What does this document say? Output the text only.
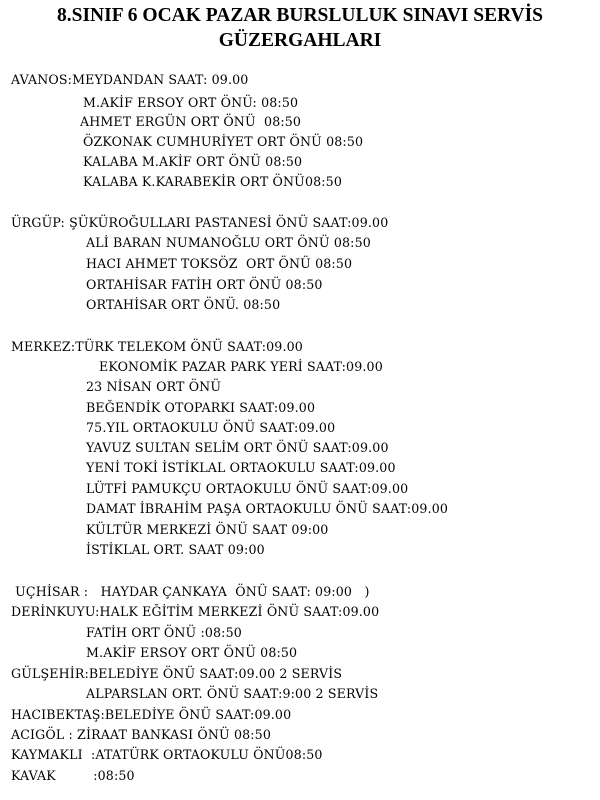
8.SINIF 6 OCAK PAZAR BURSLULUK SINAVI SERVİS
GÜZERGAHLARI
AVANOS:MEYDANDAN SAAT: 09.00
M.AKİF ERSOY ORT ÖNÜ: 08:50
AHMET ERGÜN ORT ÖNÜ  08:50
ÖZKONAK CUMHURİYET ORT ÖNÜ 08:50
KALABA M.AKİF ORT ÖNÜ 08:50
KALABA K.KARABEKİR ORT ÖNÜ08:50
ÜRGÜP: ŞÜKÜROĞULLARI PASTANESİ ÖNÜ SAAT:09.00
ALİ BARAN NUMANOĞLU ORT ÖNÜ 08:50
HACI AHMET TOKSÖZ  ORT ÖNÜ 08:50
ORTAHİSAR FATİH ORT ÖNÜ 08:50
ORTAHİSAR ORT ÖNÜ. 08:50
MERKEZ:TÜRK TELEKOM ÖNÜ SAAT:09.00
EKONOMİK PAZAR PARK YERİ SAAT:09.00
23 NİSAN ORT ÖNÜ
BEĞENDİK OTOPARKI SAAT:09.00
75.YIL ORTAOKULU ÖNÜ SAAT:09.00
YAVUZ SULTAN SELİM ORT ÖNÜ SAAT:09.00
YENİ TOKİ İSTİKLAL ORTAOKULU SAAT:09.00
LÜTFİ PAMUKÇU ORTAOKULU ÖNÜ SAAT:09.00
DAMAT İBRAHİM PAŞA ORTAOKULU ÖNÜ SAAT:09.00
KÜLTÜR MERKEZİ ÖNÜ SAAT 09:00
İSTİKLAL ORT. SAAT 09:00
UÇHİSAR :   HAYDAR ÇANKAYA  ÖNÜ SAAT: 09:00   )
DERİNKUYU:HALK EĞİTİM MERKEZİ ÖNÜ SAAT:09.00
FATİH ORT ÖNÜ :08:50
M.AKİF ERSOY ORT ÖNÜ 08:50
GÜLŞEHİR:BELEDİYE ÖNÜ SAAT:09.00 2 SERVİS
ALPARSLAN ORT. ÖNÜ SAAT:9:00 2 SERVİS
HACIBEKTAŞ:BELEDİYE ÖNÜ SAAT:09.00
ACIGÖL : ZİRAAT BANKASI ÖNÜ 08:50
KAYMAKLI  :ATATÜRK ORTAOKULU ÖNÜ08:50
KAVAK         :08:50
